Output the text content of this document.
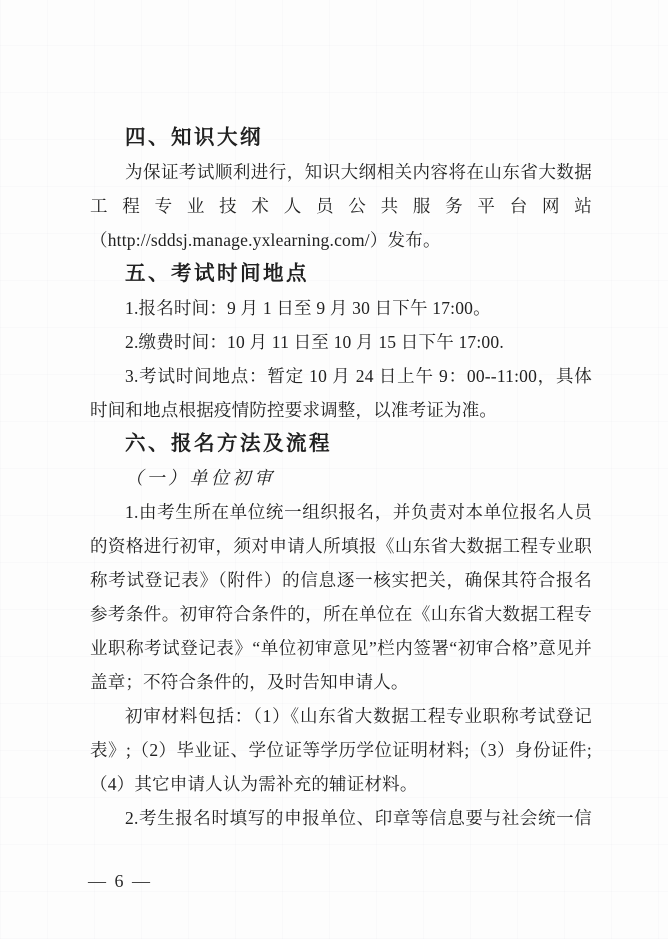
四、知识大纲
为保证考试顺利进行，知识大纲相关内容将在山东省大数据
工程专业技术人员公共服务平台网站
（http://sddsj.manage.yxlearning.com/）发布。
五、考试时间地点
1.报名时间：9 月 1 日至 9 月 30 日下午 17:00。
2.缴费时间：10 月 11 日至 10 月 15 日下午 17:00.
3.考试时间地点：暂定 10 月 24 日上午 9：00--11:00，具体
时间和地点根据疫情防控要求调整，以准考证为准。
六、报名方法及流程
（一）单位初审
1.由考生所在单位统一组织报名，并负责对本单位报名人员
的资格进行初审，须对申请人所填报《山东省大数据工程专业职
称考试登记表》（附件）的信息逐一核实把关，确保其符合报名
参考条件。初审符合条件的，所在单位在《山东省大数据工程专
业职称考试登记表》“单位初审意见”栏内签署“初审合格”意见并
盖章；不符合条件的，及时告知申请人。
初审材料包括：（1）《山东省大数据工程专业职称考试登记
表》;（2）毕业证、学位证等学历学位证明材料;（3）身份证件;
（4）其它申请人认为需补充的辅证材料。
2.考生报名时填写的申报单位、印章等信息要与社会统一信
— 6 —
